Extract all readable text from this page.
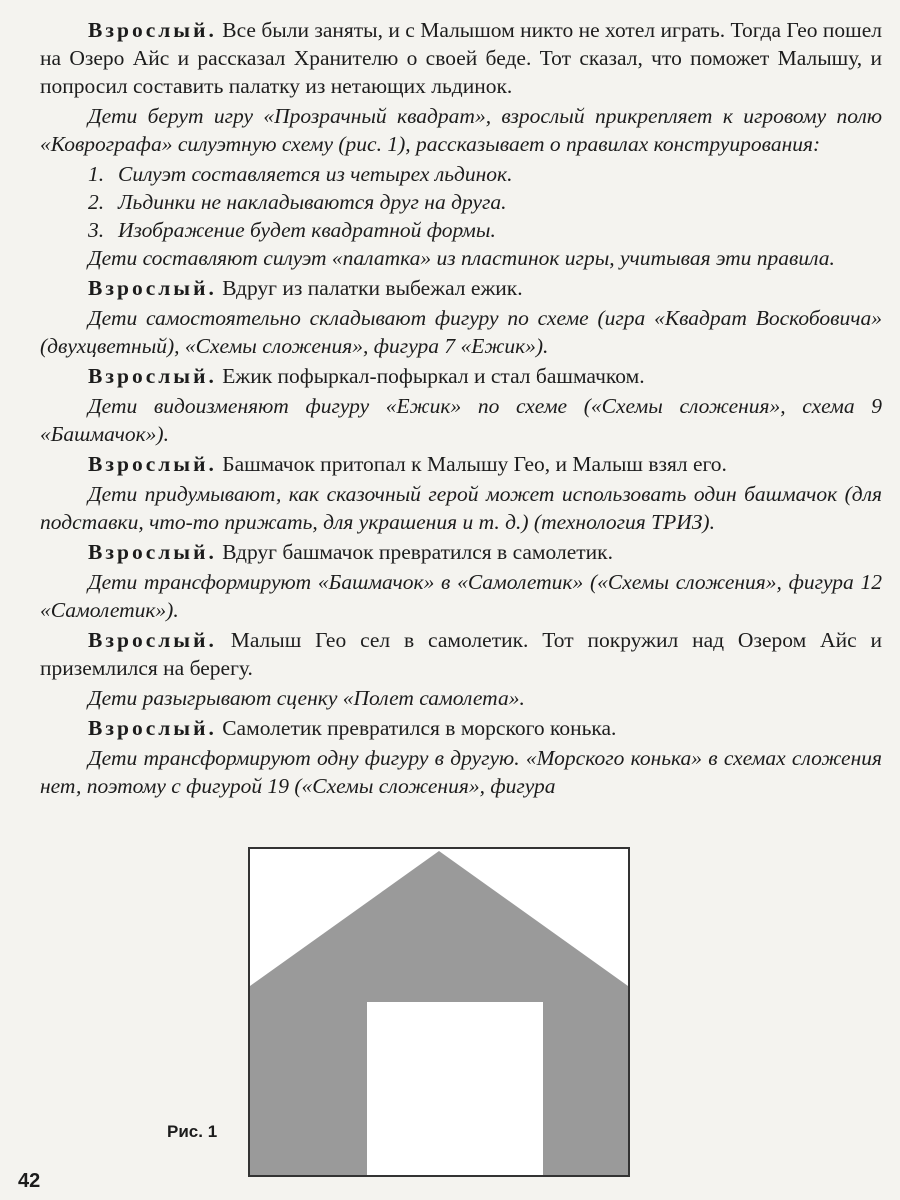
Взрослый. Все были заняты, и с Малышом никто не хотел играть. Тогда Гео пошел на Озеро Айс и рассказал Хранителю о своей беде. Тот сказал, что поможет Малышу, и попросил составить палатку из нетающих льдинок.

Дети берут игру «Прозрачный квадрат», взрослый прикрепляет к игровому полю «Коврографа» силуэтную схему (рис. 1), рассказывает о правилах конструирования:

1. Силуэт составляется из четырех льдинок.

2. Льдинки не накладываются друг на друга.

3. Изображение будет квадратной формы.

Дети составляют силуэт «палатка» из пластинок игры, учитывая эти правила.

Взрослый. Вдруг из палатки выбежал ежик.

Дети самостоятельно складывают фигуру по схеме (игра «Квадрат Воскобовича» (двухцветный), «Схемы сложения», фигура 7 «Ежик»).

Взрослый. Ежик пофыркал-пофыркал и стал башмачком.

Дети видоизменяют фигуру «Ежик» по схеме («Схемы сложения», схема 9 «Башмачок»).

Взрослый. Башмачок притопал к Малышу Гео, и Малыш взял его.

Дети придумывают, как сказочный герой может использовать один башмачок (для подставки, что-то прижать, для украшения и т. д.) (технология ТРИЗ).

Взрослый. Вдруг башмачок превратился в самолетик.

Дети трансформируют «Башмачок» в «Самолетик» («Схемы сложения», фигура 12 «Самолетик»).

Взрослый. Малыш Гео сел в самолетик. Тот покружил над Озером Айс и приземлился на берегу.

Дети разыгрывают сценку «Полет самолета».

Взрослый. Самолетик превратился в морского конька.

Дети трансформируют одну фигуру в другую. «Морского конька» в схемах сложения нет, поэтому с фигурой 19 («Схемы сложения», фигура

Рис. 1
42
